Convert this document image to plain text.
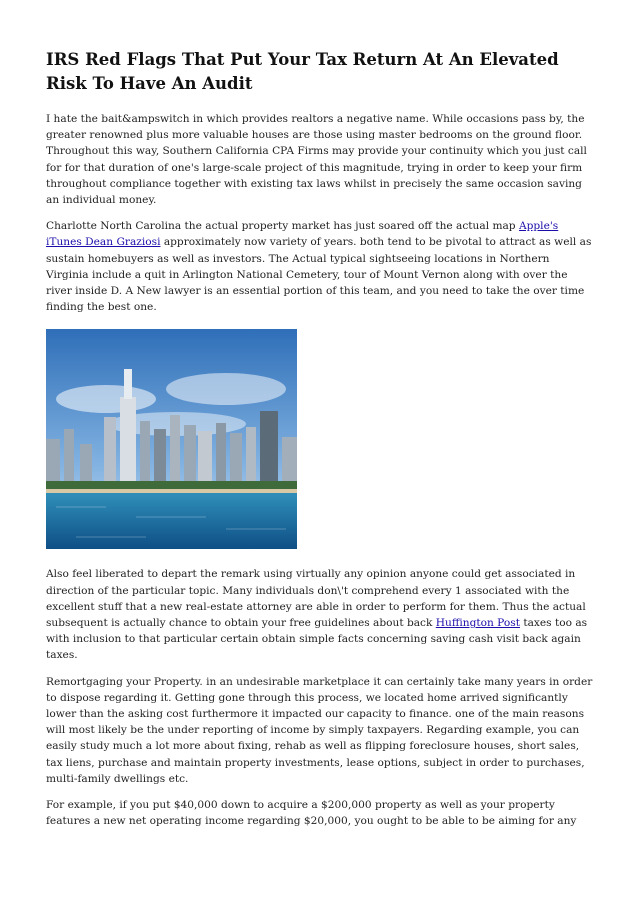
IRS Red Flags That Put Your Tax Return At An Elevated Risk To Have An Audit

I hate the bait&ampswitch in which provides realtors a negative name. While occasions pass by, the greater renowned plus more valuable houses are those using master bedrooms on the ground floor. Throughout this way, Southern California CPA Firms may provide your continuity which you just call for for that duration of one's large-scale project of this magnitude, trying in order to keep your firm throughout compliance together with existing tax laws whilst in precisely the same occasion saving an individual money.

Charlotte North Carolina the actual property market has just soared off the actual map Apple's iTunes Dean Graziosi approximately now variety of years. both tend to be pivotal to attract as well as sustain homebuyers as well as investors. The Actual typical sightseeing locations in Northern Virginia include a quit in Arlington National Cemetery, tour of Mount Vernon along with over the river inside D. A New lawyer is an essential portion of this team, and you need to take the over time finding the best one.

Also feel liberated to depart the remark using virtually any opinion anyone could get associated in direction of the particular topic. Many individuals don\'t comprehend every 1 associated with the excellent stuff that a new real-estate attorney are able in order to perform for them. Thus the actual subsequent is actually chance to obtain your free guidelines about back Huffington Post taxes too as with inclusion to that particular certain obtain simple facts concerning saving cash visit back again taxes.

Remortgaging your Property. in an undesirable marketplace it can certainly take many years in order to dispose regarding it. Getting gone through this process, we located home arrived significantly lower than the asking cost furthermore it impacted our capacity to finance. one of the main reasons will most likely be the under reporting of income by simply taxpayers. Regarding example, you can easily study much a lot more about fixing, rehab as well as flipping foreclosure houses, short sales, tax liens, purchase and maintain property investments, lease options, subject in order to purchases, multi-family dwellings etc.

For example, if you put $40,000 down to acquire a $200,000 property as well as your property features a new net operating income regarding $20,000, you ought to be able to be aiming for any
